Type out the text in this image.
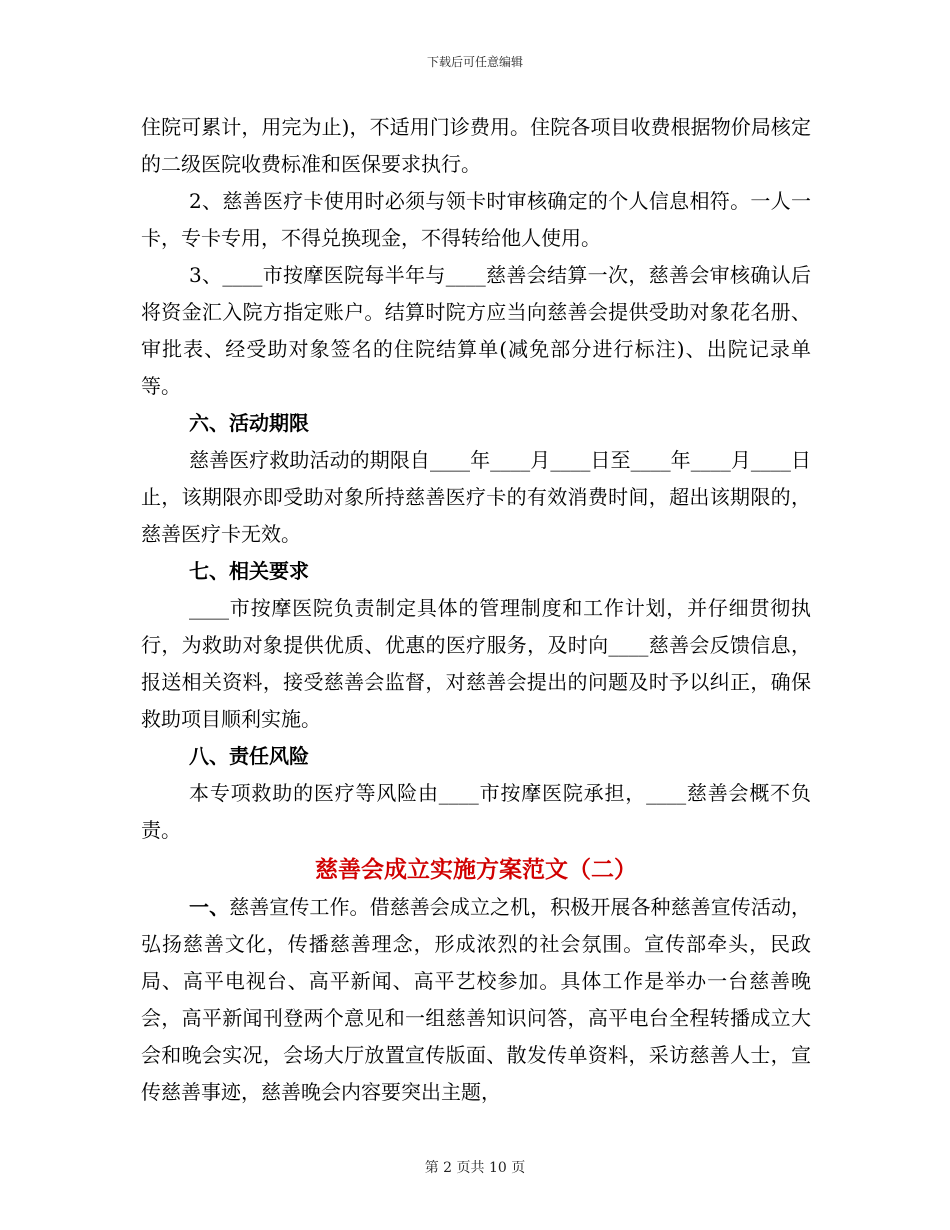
下载后可任意编辑

住院可累计，用完为止)，不适用门诊费用。住院各项目收费根据物价局核定的二级医院收费标准和医保要求执行。

2、慈善医疗卡使用时必须与领卡时审核确定的个人信息相符。一人一卡，专卡专用，不得兑换现金，不得转给他人使用。

3、____市按摩医院每半年与____慈善会结算一次，慈善会审核确认后将资金汇入院方指定账户。结算时院方应当向慈善会提供受助对象花名册、审批表、经受助对象签名的住院结算单(减免部分进行标注)、出院记录单等。

六、活动期限

慈善医疗救助活动的期限自____年____月____日至____年____月____日止，该期限亦即受助对象所持慈善医疗卡的有效消费时间，超出该期限的，慈善医疗卡无效。

七、相关要求

____市按摩医院负责制定具体的管理制度和工作计划，并仔细贯彻执行，为救助对象提供优质、优惠的医疗服务，及时向____慈善会反馈信息，报送相关资料，接受慈善会监督，对慈善会提出的问题及时予以纠正，确保救助项目顺利实施。

八、责任风险

本专项救助的医疗等风险由____市按摩医院承担，____慈善会概不负责。

慈善会成立实施方案范文（二）

一、慈善宣传工作。借慈善会成立之机，积极开展各种慈善宣传活动，弘扬慈善文化，传播慈善理念，形成浓烈的社会氛围。宣传部牵头，民政局、高平电视台、高平新闻、高平艺校参加。具体工作是举办一台慈善晚会，高平新闻刊登两个意见和一组慈善知识问答，高平电台全程转播成立大会和晚会实况，会场大厅放置宣传版面、散发传单资料，采访慈善人士，宣传慈善事迹，慈善晚会内容要突出主题，

第 2 页共 10 页
